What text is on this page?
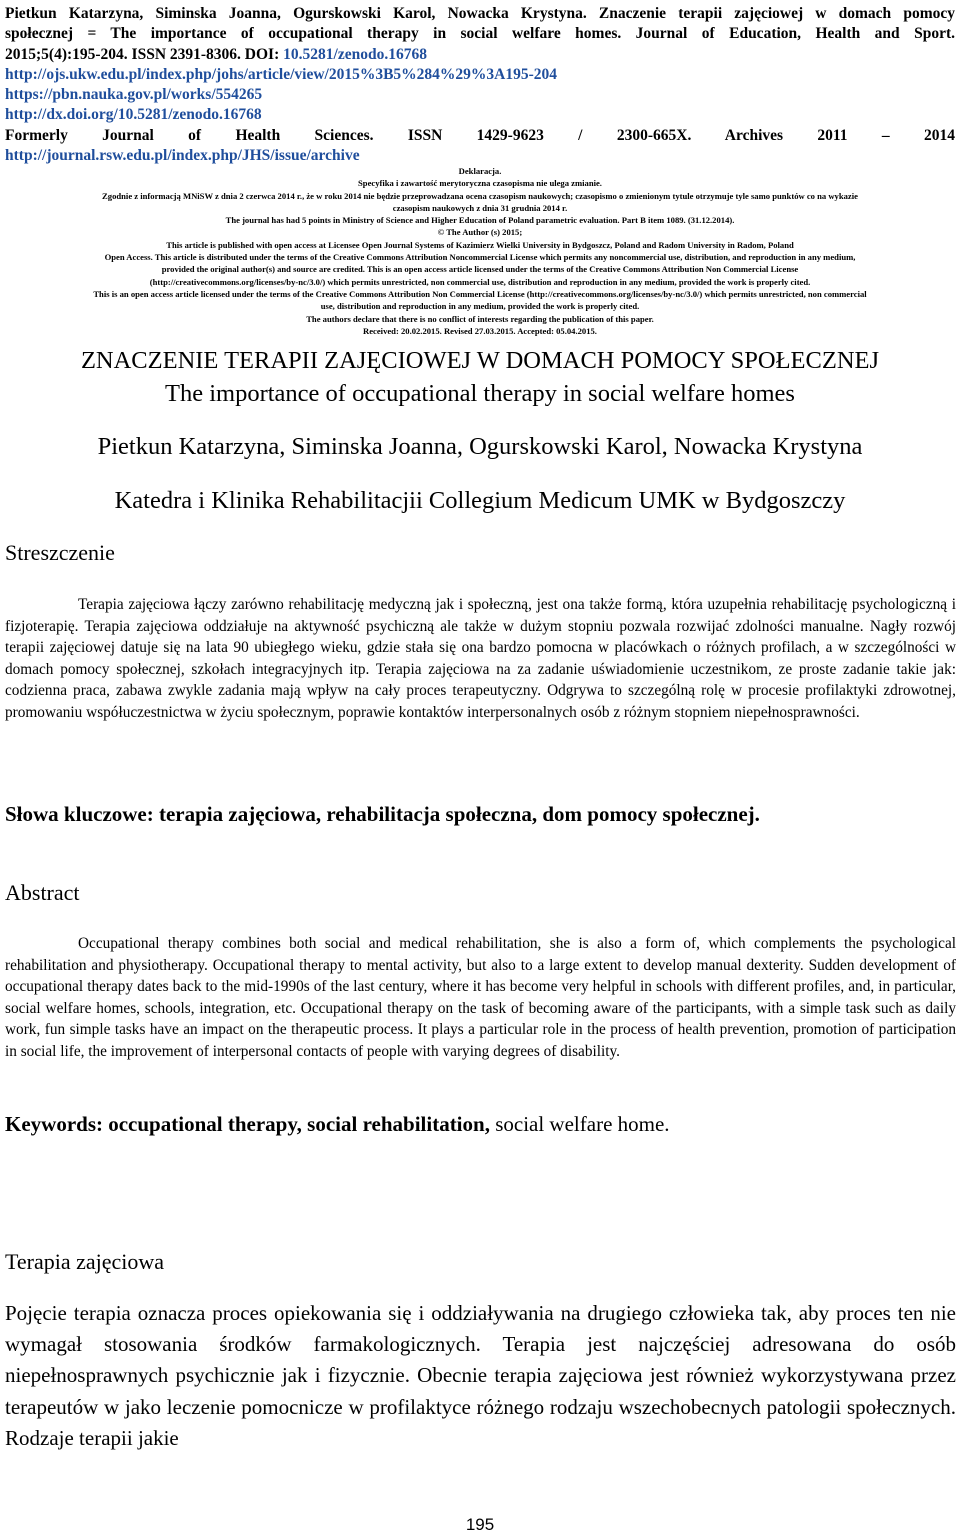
Pietkun Katarzyna, Siminska Joanna, Ogurskowski Karol, Nowacka Krystyna. Znaczenie terapii zajęciowej w domach pomocy
społecznej = The importance of occupational therapy in social welfare homes. Journal of Education, Health and Sport.
2015;5(4):195-204. ISSN 2391-8306. DOI: 10.5281/zenodo.16768
http://ojs.ukw.edu.pl/index.php/johs/article/view/2015%3B5%284%29%3A195-204
https://pbn.nauka.gov.pl/works/554265
http://dx.doi.org/10.5281/zenodo.16768
Formerly Journal of Health Sciences. ISSN 1429-9623 / 2300-665X. Archives 2011 – 2014
http://journal.rsw.edu.pl/index.php/JHS/issue/archive
Deklaracja.
Specyfika i zawartość merytoryczna czasopisma nie ulega zmianie.
Zgodnie z informacją MNiSW z dnia 2 czerwca 2014 r., że w roku 2014 nie będzie przeprowadzana ocena czasopism naukowych; czasopismo o zmienionym tytule otrzymuje tyle samo punktów co na wykazie
czasopism naukowych z dnia 31 grudnia 2014 r.
The journal has had 5 points in Ministry of Science and Higher Education of Poland parametric evaluation. Part B item 1089. (31.12.2014).
© The Author (s) 2015;
This article is published with open access at Licensee Open Journal Systems of Kazimierz Wielki University in Bydgoszcz, Poland and Radom University in Radom, Poland
Open Access. This article is distributed under the terms of the Creative Commons Attribution Noncommercial License which permits any noncommercial use, distribution, and reproduction in any medium,
provided the original author(s) and source are credited. This is an open access article licensed under the terms of the Creative Commons Attribution Non Commercial License
(http://creativecommons.org/licenses/by-nc/3.0/) which permits unrestricted, non commercial use, distribution and reproduction in any medium, provided the work is properly cited.
This is an open access article licensed under the terms of the Creative Commons Attribution Non Commercial License (http://creativecommons.org/licenses/by-nc/3.0/) which permits unrestricted, non commercial
use, distribution and reproduction in any medium, provided the work is properly cited.
The authors declare that there is no conflict of interests regarding the publication of this paper.
Received: 20.02.2015. Revised 27.03.2015. Accepted: 05.04.2015.
ZNACZENIE TERAPII ZAJĘCIOWEJ W DOMACH POMOCY SPOŁECZNEJ
The importance of occupational therapy in social welfare homes
Pietkun Katarzyna, Siminska Joanna, Ogurskowski Karol, Nowacka Krystyna
Katedra i Klinika Rehabilitacjii Collegium Medicum UMK w Bydgoszczy
Streszczenie
Terapia zajęciowa łączy zarówno rehabilitację medyczną jak i społeczną, jest ona także formą, która uzupełnia rehabilitację psychologiczną i fizjoterapię. Terapia zajęciowa oddziałuje na aktywność psychiczną ale także w dużym stopniu pozwala rozwijać zdolności manualne. Nagły rozwój terapii zajęciowej datuje się na lata 90 ubiegłego wieku, gdzie stała się ona bardzo pomocna w placówkach o różnych profilach, a w szczególności w domach pomocy społecznej, szkołach integracyjnych itp. Terapia zajęciowa na za zadanie uświadomienie uczestnikom, ze proste zadanie takie jak: codzienna praca, zabawa zwykle zadania mają wpływ na cały proces terapeutyczny. Odgrywa to szczególną rolę w procesie profilaktyki zdrowotnej, promowaniu współuczestnictwa w życiu społecznym, poprawie kontaktów interpersonalnych osób z różnym stopniem niepełnosprawności.
Słowa kluczowe: terapia zajęciowa, rehabilitacja społeczna, dom pomocy społecznej.
Abstract
Occupational therapy combines both social and medical rehabilitation, she is also a form of, which complements the psychological rehabilitation and physiotherapy. Occupational therapy to mental activity, but also to a large extent to develop manual dexterity. Sudden development of occupational therapy dates back to the mid-1990s of the last century, where it has become very helpful in schools with different profiles, and, in particular, social welfare homes, schools, integration, etc. Occupational therapy on the task of becoming aware of the participants, with a simple task such as daily work, fun simple tasks have an impact on the therapeutic process. It plays a particular role in the process of health prevention, promotion of participation in social life, the improvement of interpersonal contacts of people with varying degrees of disability.
Keywords: occupational therapy, social rehabilitation, social welfare home.
Terapia zajęciowa
Pojęcie terapia oznacza proces opiekowania się i oddziaływania na drugiego człowieka tak, aby proces ten nie wymagał stosowania środków farmakologicznych. Terapia jest najczęściej adresowana do osób niepełnosprawnych psychicznie jak i fizycznie. Obecnie terapia zajęciowa jest również wykorzystywana przez terapeutów w jako leczenie pomocnicze w profilaktyce różnego rodzaju wszechobecnych patologii społecznych. Rodzaje terapii jakie
195
